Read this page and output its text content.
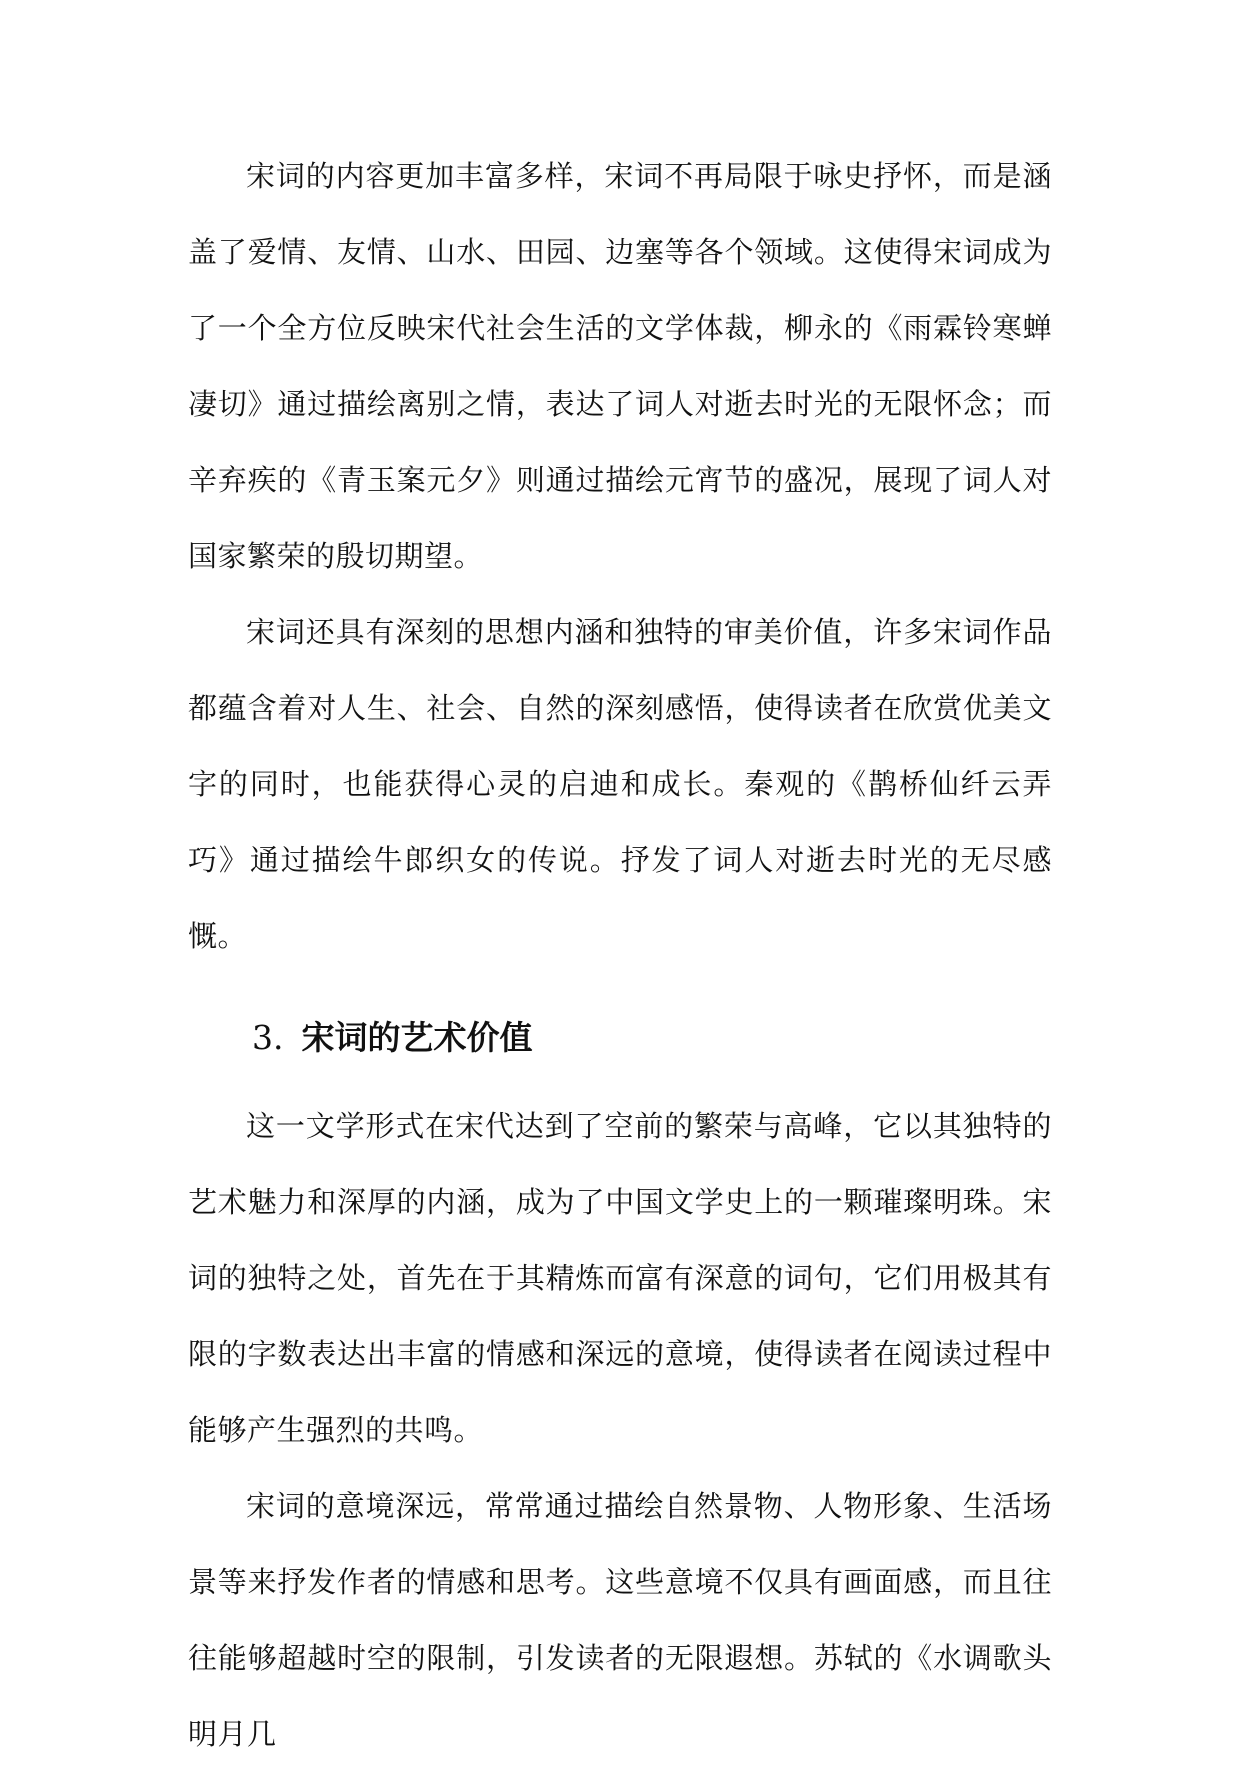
宋词的内容更加丰富多样，宋词不再局限于咏史抒怀，而是涵盖了爱情、友情、山水、田园、边塞等各个领域。这使得宋词成为了一个全方位反映宋代社会生活的文学体裁，柳永的《雨霖铃寒蝉凄切》通过描绘离别之情，表达了词人对逝去时光的无限怀念；而辛弃疾的《青玉案元夕》则通过描绘元宵节的盛况，展现了词人对国家繁荣的殷切期望。

宋词还具有深刻的思想内涵和独特的审美价值，许多宋词作品都蕴含着对人生、社会、自然的深刻感悟，使得读者在欣赏优美文字的同时，也能获得心灵的启迪和成长。秦观的《鹊桥仙纤云弄巧》通过描绘牛郎织女的传说。抒发了词人对逝去时光的无尽感慨。

3. 宋词的艺术价值

这一文学形式在宋代达到了空前的繁荣与高峰，它以其独特的艺术魅力和深厚的内涵，成为了中国文学史上的一颗璀璨明珠。宋词的独特之处，首先在于其精炼而富有深意的词句，它们用极其有限的字数表达出丰富的情感和深远的意境，使得读者在阅读过程中能够产生强烈的共鸣。

宋词的意境深远，常常通过描绘自然景物、人物形象、生活场景等来抒发作者的情感和思考。这些意境不仅具有画面感，而且往往能够超越时空的限制，引发读者的无限遐想。苏轼的《水调歌头明月几
